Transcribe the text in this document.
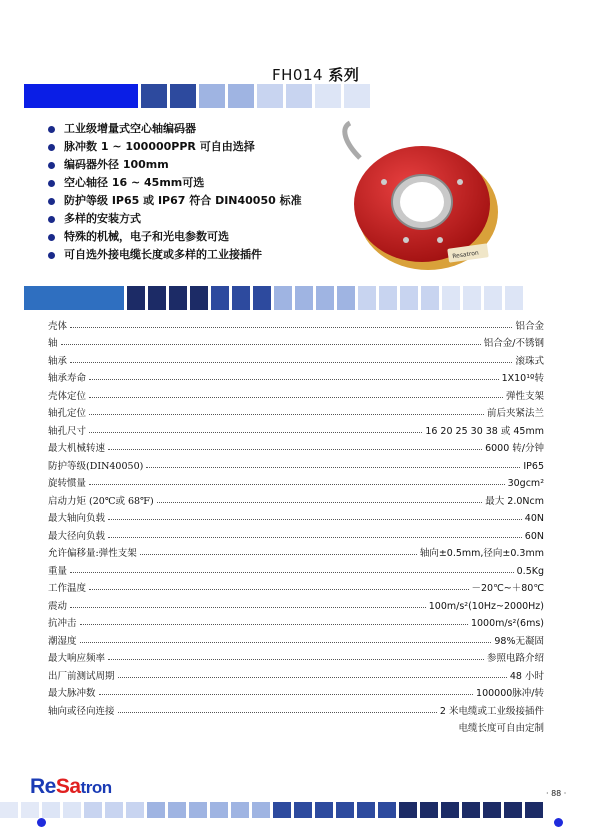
FH014 系列
工业级增量式空心轴编码器
脉冲数 1 ~ 100000PPR 可自由选择
编码器外径 100mm
空心轴径 16 ~ 45mm可选
防护等级 IP65 或 IP67 符合 DIN40050 标准
多样的安装方式
特殊的机械，电子和光电参数可选
可自选外接电缆长度或多样的工业接插件	Resatron
壳体	铝合金
轴	铝合金/不锈钢
轴承	滚珠式
轴承寿命	1X10¹º转
壳体定位	弹性支架
轴孔定位	前后夹紧法兰
轴孔尺寸	16 20 25 30 38 或 45mm
最大机械转速	6000 转/分钟
防护等级(DIN40050)	IP65
旋转惯量	30gcm²
启动力矩 (20℃或 68℉)	最大 2.0Ncm
最大轴向负载	40N
最大径向负载	60N
允许偏移量:弹性支架	轴向±0.5mm,径向±0.3mm
重量	0.5Kg
工作温度	－20℃~＋80℃
震动	100m/s²(10Hz~2000Hz)
抗冲击	1000m/s²(6ms)
潮湿度	98%无凝固
最大响应频率	参照电路介绍
出厂前测试周期	48 小时
最大脉冲数	100000脉冲/转
轴向或径向连接	2 米电缆或工业级接插件
电缆长度可自由定制
ReSatron	· 88 ·
